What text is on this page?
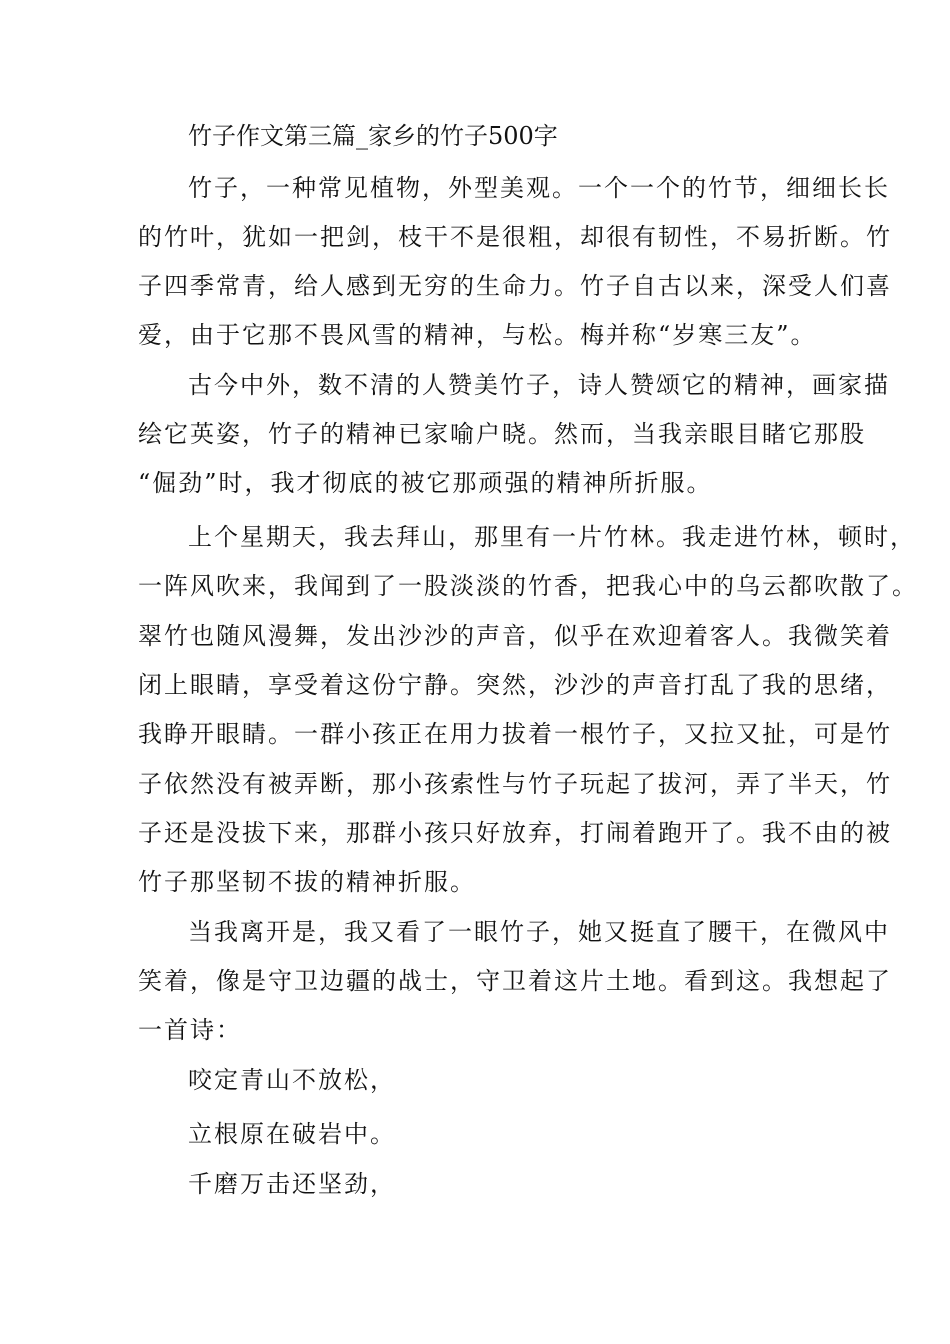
竹子作文第三篇_家乡的竹子500字
竹子，一种常见植物，外型美观。一个一个的竹节，细细长长
的竹叶，犹如一把剑，枝干不是很粗，却很有韧性，不易折断。竹
子四季常青，给人感到无穷的生命力。竹子自古以来，深受人们喜
爱，由于它那不畏风雪的精神，与松。梅并称“岁寒三友”。
古今中外，数不清的人赞美竹子，诗人赞颂它的精神，画家描
绘它英姿，竹子的精神已家喻户晓。然而，当我亲眼目睹它那股
“倔劲”时，我才彻底的被它那顽强的精神所折服。
上个星期天，我去拜山，那里有一片竹林。我走进竹林，顿时，
一阵风吹来，我闻到了一股淡淡的竹香，把我心中的乌云都吹散了。
翠竹也随风漫舞，发出沙沙的声音，似乎在欢迎着客人。我微笑着
闭上眼睛，享受着这份宁静。突然，沙沙的声音打乱了我的思绪，
我睁开眼睛。一群小孩正在用力拔着一根竹子，又拉又扯，可是竹
子依然没有被弄断，那小孩索性与竹子玩起了拔河，弄了半天，竹
子还是没拔下来，那群小孩只好放弃，打闹着跑开了。我不由的被
竹子那坚韧不拔的精神折服。
当我离开是，我又看了一眼竹子，她又挺直了腰干，在微风中
笑着，像是守卫边疆的战士，守卫着这片土地。看到这。我想起了
一首诗：
咬定青山不放松，
立根原在破岩中。
千磨万击还坚劲，
